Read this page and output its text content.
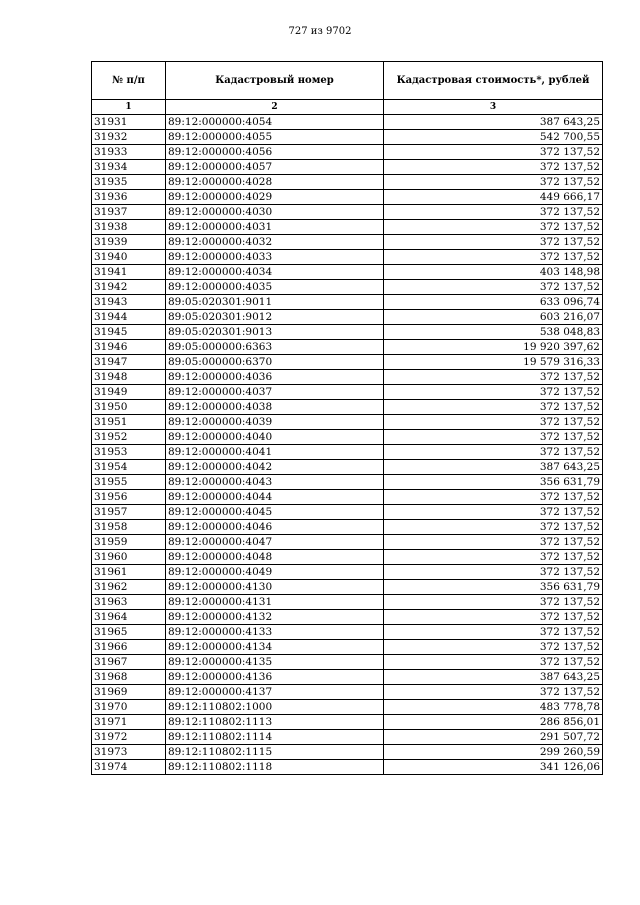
727 из 9702
№ п/п	Кадастровый номер	Кадастровая стоимость*, рублей
1	2	3
31931	89:12:000000:4054	387 643,25
31932	89:12:000000:4055	542 700,55
31933	89:12:000000:4056	372 137,52
31934	89:12:000000:4057	372 137,52
31935	89:12:000000:4028	372 137,52
31936	89:12:000000:4029	449 666,17
31937	89:12:000000:4030	372 137,52
31938	89:12:000000:4031	372 137,52
31939	89:12:000000:4032	372 137,52
31940	89:12:000000:4033	372 137,52
31941	89:12:000000:4034	403 148,98
31942	89:12:000000:4035	372 137,52
31943	89:05:020301:9011	633 096,74
31944	89:05:020301:9012	603 216,07
31945	89:05:020301:9013	538 048,83
31946	89:05:000000:6363	19 920 397,62
31947	89:05:000000:6370	19 579 316,33
31948	89:12:000000:4036	372 137,52
31949	89:12:000000:4037	372 137,52
31950	89:12:000000:4038	372 137,52
31951	89:12:000000:4039	372 137,52
31952	89:12:000000:4040	372 137,52
31953	89:12:000000:4041	372 137,52
31954	89:12:000000:4042	387 643,25
31955	89:12:000000:4043	356 631,79
31956	89:12:000000:4044	372 137,52
31957	89:12:000000:4045	372 137,52
31958	89:12:000000:4046	372 137,52
31959	89:12:000000:4047	372 137,52
31960	89:12:000000:4048	372 137,52
31961	89:12:000000:4049	372 137,52
31962	89:12:000000:4130	356 631,79
31963	89:12:000000:4131	372 137,52
31964	89:12:000000:4132	372 137,52
31965	89:12:000000:4133	372 137,52
31966	89:12:000000:4134	372 137,52
31967	89:12:000000:4135	372 137,52
31968	89:12:000000:4136	387 643,25
31969	89:12:000000:4137	372 137,52
31970	89:12:110802:1000	483 778,78
31971	89:12:110802:1113	286 856,01
31972	89:12:110802:1114	291 507,72
31973	89:12:110802:1115	299 260,59
31974	89:12:110802:1118	341 126,06
